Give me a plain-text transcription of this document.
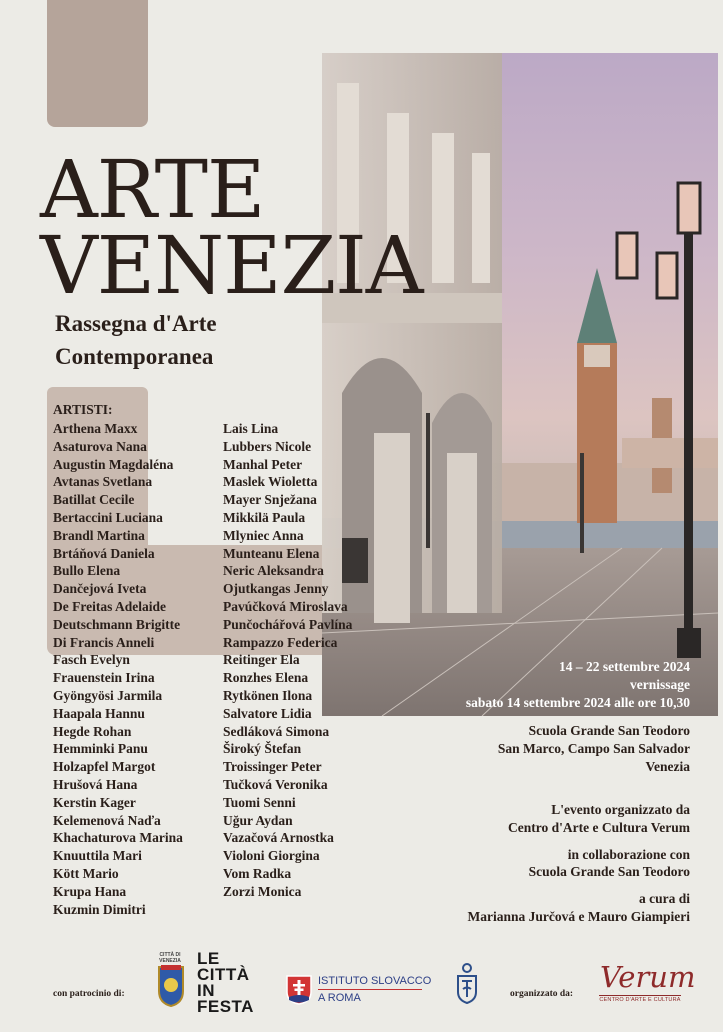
ARTE
VENEZIA
Rassegna d'Arte
Contemporanea
ARTISTI:
Arthena Maxx
Asaturova Nana
Augustin Magdaléna
Avtanas Svetlana
Batillat Cecile
Bertaccini Luciana
Brandl Martina
Brtáňová Daniela
Bullo Elena
Dančejová Iveta
De Freitas Adelaide
Deutschmann Brigitte
Di Francis Anneli
Fasch Evelyn
Frauenstein Irina
Gyöngyösi Jarmila
Haapala Hannu
Hegde Rohan
Hemminki Panu
Holzapfel Margot
Hrušová Hana
Kerstin Kager
Kelemenová Naďa
Khachaturova Marina
Knuuttila Mari
Kött Mario
Krupa Hana
Kuzmin Dimitri
Lais Lina
Lubbers Nicole
Manhal Peter
Maslek Wioletta
Mayer Snježana
Mikkilä Paula
Mlyniec Anna
Munteanu Elena
Neric Aleksandra
Ojutkangas Jenny
Pavúčková Miroslava
Punčochářová Pavlína
Rampazzo Federica
Reitinger Ela
Ronzhes Elena
Rytkönen Ilona
Salvatore Lidia
Sedláková Simona
Široký Štefan
Troissinger Peter
Tučková Veronika
Tuomi Senni
Uğur Aydan
Vazačová Arnostka
Violoni Giorgina
Vom Radka
Zorzi Monica
14 – 22 settembre 2024
vernissage
sabato 14 settembre 2024 alle ore 10,30
Scuola Grande San Teodoro
San Marco, Campo San Salvador
Venezia
L'evento organizzato da
Centro d'Arte e Cultura Verum
in collaborazione con
Scuola Grande San Teodoro
a cura di
Marianna Jurčová e Mauro Giampieri
con patrocinio di:
CITTÀ DI VENEZIA LE
CITTÀ
IN
FESTA
ISTITUTO SLOVACCO
A ROMA	organizzato da: Verum
CENTRO D'ARTE E CULTURA
